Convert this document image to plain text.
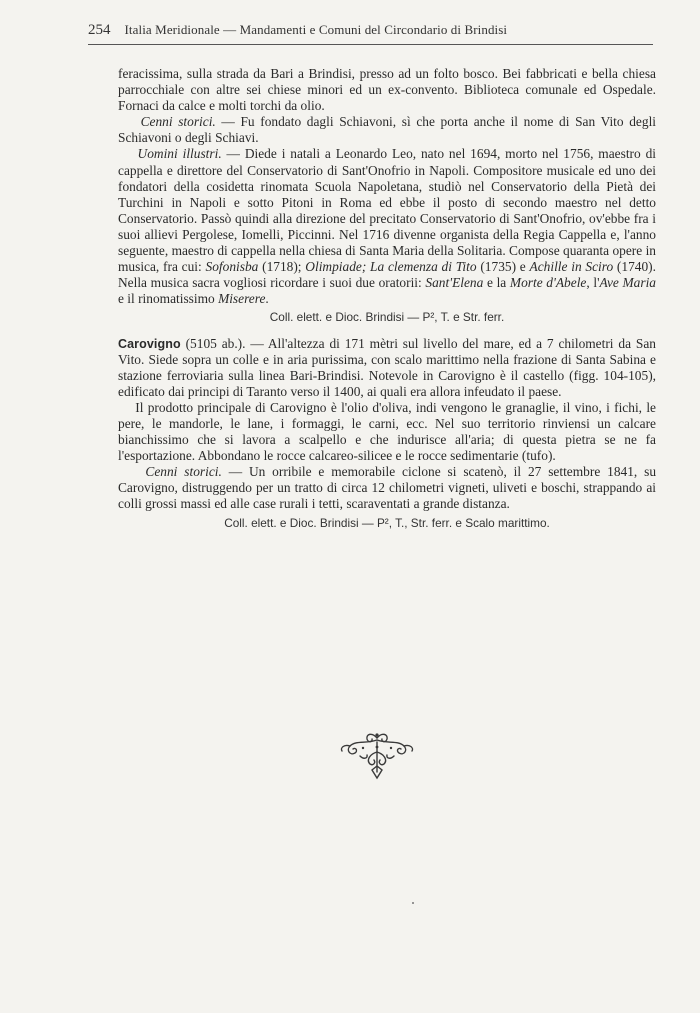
254 Italia Meridionale — Mandamenti e Comuni del Circondario di Brindisi

feracissima, sulla strada da Bari a Brindisi, presso ad un folto bosco. Bei fabbricati e bella chiesa parrocchiale con altre sei chiese minori ed un ex-convento. Biblioteca comunale ed Ospedale. Fornaci da calce e molti torchi da olio.

Cenni storici. — Fu fondato dagli Schiavoni, sì che porta anche il nome di San Vito degli Schiavoni o degli Schiavi.

Uomini illustri. — Diede i natali a Leonardo Leo, nato nel 1694, morto nel 1756, maestro di cappella e direttore del Conservatorio di Sant'Onofrio in Napoli. Compositore musicale ed uno dei fondatori della cosidetta rinomata Scuola Napoletana, studiò nel Conservatorio della Pietà dei Turchini in Napoli e sotto Pitoni in Roma ed ebbe il posto di secondo maestro nel detto Conservatorio. Passò quindi alla direzione del precitato Conservatorio di Sant'Onofrio, ov'ebbe fra i suoi allievi Pergolese, Iomelli, Piccinni. Nel 1716 divenne organista della Regia Cappella e, l'anno seguente, maestro di cappella nella chiesa di Santa Maria della Solitaria. Compose quaranta opere in musica, fra cui: Sofonisba (1718); Olimpiade; La clemenza di Tito (1735) e Achille in Sciro (1740). Nella musica sacra vogliosi ricordare i suoi due oratorii: Sant'Elena e la Morte d'Abele, l'Ave Maria e il rinomatissimo Miserere.

Coll. elett. e Dioc. Brindisi — P², T. e Str. ferr.

Carovigno (5105 ab.). — All'altezza di 171 mètri sul livello del mare, ed a 7 chilometri da San Vito. Siede sopra un colle e in aria purissima, con scalo marittimo nella frazione di Santa Sabina e stazione ferroviaria sulla linea Bari-Brindisi. Notevole in Carovigno è il castello (figg. 104-105), edificato dai principi di Taranto verso il 1400, ai quali era allora infeudato il paese.

Il prodotto principale di Carovigno è l'olio d'oliva, indi vengono le granaglie, il vino, i fichi, le pere, le mandorle, le lane, i formaggi, le carni, ecc. Nel suo territorio rinviensi un calcare bianchissimo che si lavora a scalpello e che indurisce all'aria; di questa pietra se ne fa l'esportazione. Abbondano le rocce calcareo-silicee e le rocce sedimentarie (tufo).

Cenni storici. — Un orribile e memorabile ciclone si scatenò, il 27 settembre 1841, su Carovigno, distruggendo per un tratto di circa 12 chilometri vigneti, uliveti e boschi, strappando ai colli grossi massi ed alle case rurali i tetti, scaraventati a grande distanza.

Coll. elett. e Dioc. Brindisi — P², T., Str. ferr. e Scalo marittimo.
